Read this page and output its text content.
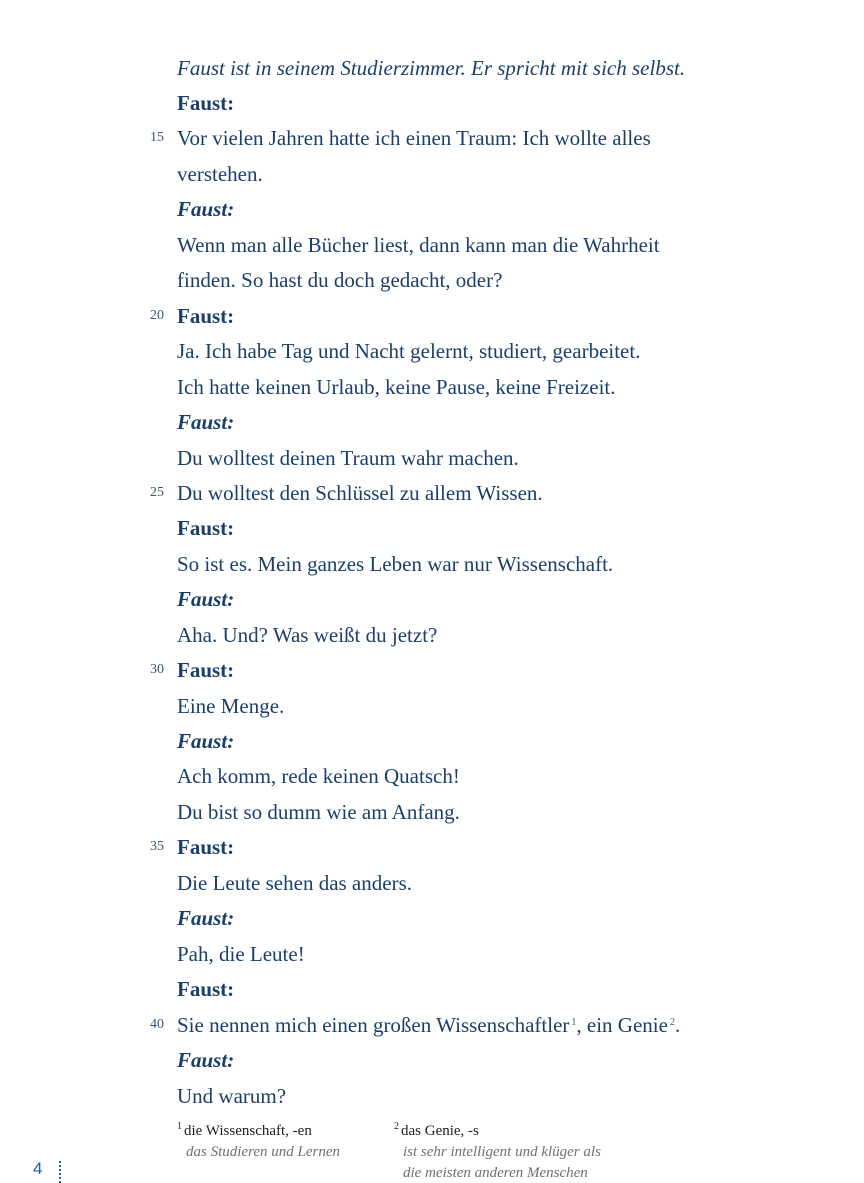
Faust ist in seinem Studierzimmer. Er spricht mit sich selbst.
Faust:
15 Vor vielen Jahren hatte ich einen Traum: Ich wollte alles
verstehen.
Faust:
Wenn man alle Bücher liest, dann kann man die Wahrheit
finden. So hast du doch gedacht, oder?
20 Faust:
Ja. Ich habe Tag und Nacht gelernt, studiert, gearbeitet.
Ich hatte keinen Urlaub, keine Pause, keine Freizeit.
Faust:
Du wolltest deinen Traum wahr machen.
25 Du wolltest den Schlüssel zu allem Wissen.
Faust:
So ist es. Mein ganzes Leben war nur Wissenschaft.
Faust:
Aha. Und? Was weißt du jetzt?
30 Faust:
Eine Menge.
Faust:
Ach komm, rede keinen Quatsch!
Du bist so dumm wie am Anfang.
35 Faust:
Die Leute sehen das anders.
Faust:
Pah, die Leute!
Faust:
40 Sie nennen mich einen großen Wissenschaftler $^1$, ein Genie $^2$.
Faust:
Und warum?
$^1$ die Wissenschaft, -en
das Studieren und Lernen
$^2$ das Genie, -s
ist sehr intelligent und klüger als
die meisten anderen Menschen
4
